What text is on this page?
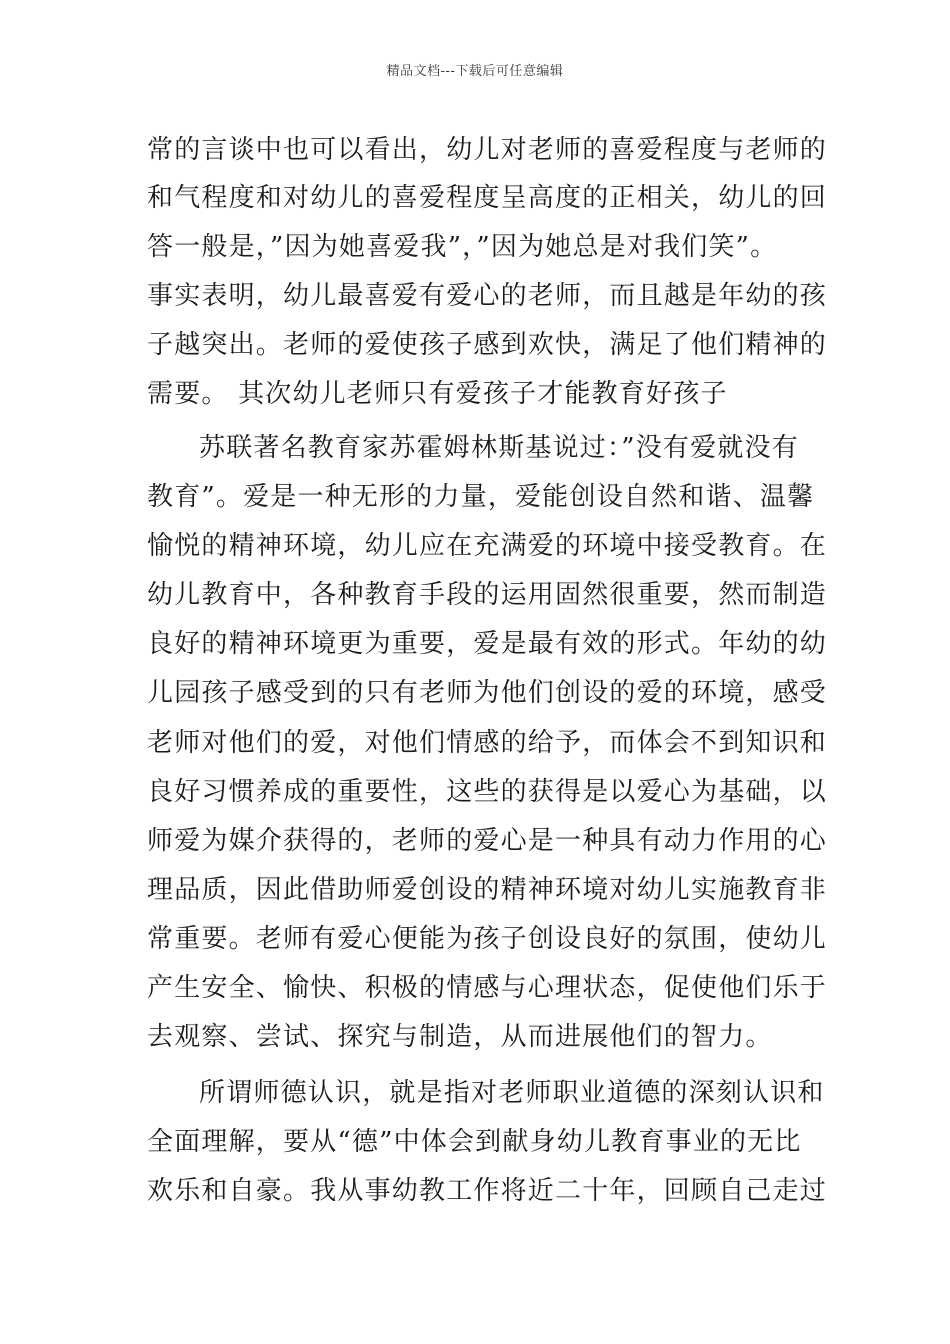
精品文档---下载后可任意编辑
常的言谈中也可以看出，幼儿对老师的喜爱程度与老师的
和气程度和对幼儿的喜爱程度呈高度的正相关，幼儿的回
答一般是，”因为她喜爱我”，”因为她总是对我们笑”。
事实表明，幼儿最喜爱有爱心的老师，而且越是年幼的孩
子越突出。老师的爱使孩子感到欢快，满足了他们精神的
需要。 其次幼儿老师只有爱孩子才能教育好孩子
苏联著名教育家苏霍姆林斯基说过：”没有爱就没有
教育”。爱是一种无形的力量，爱能创设自然和谐、温馨
愉悦的精神环境，幼儿应在充满爱的环境中接受教育。在
幼儿教育中，各种教育手段的运用固然很重要，然而制造
良好的精神环境更为重要，爱是最有效的形式。年幼的幼
儿园孩子感受到的只有老师为他们创设的爱的环境，感受
老师对他们的爱，对他们情感的给予，而体会不到知识和
良好习惯养成的重要性，这些的获得是以爱心为基础，以
师爱为媒介获得的，老师的爱心是一种具有动力作用的心
理品质，因此借助师爱创设的精神环境对幼儿实施教育非
常重要。老师有爱心便能为孩子创设良好的氛围，使幼儿
产生安全、愉快、积极的情感与心理状态，促使他们乐于
去观察、尝试、探究与制造，从而进展他们的智力。
所谓师德认识，就是指对老师职业道德的深刻认识和
全面理解，要从“德”中体会到献身幼儿教育事业的无比
欢乐和自豪。我从事幼教工作将近二十年，回顾自己走过
